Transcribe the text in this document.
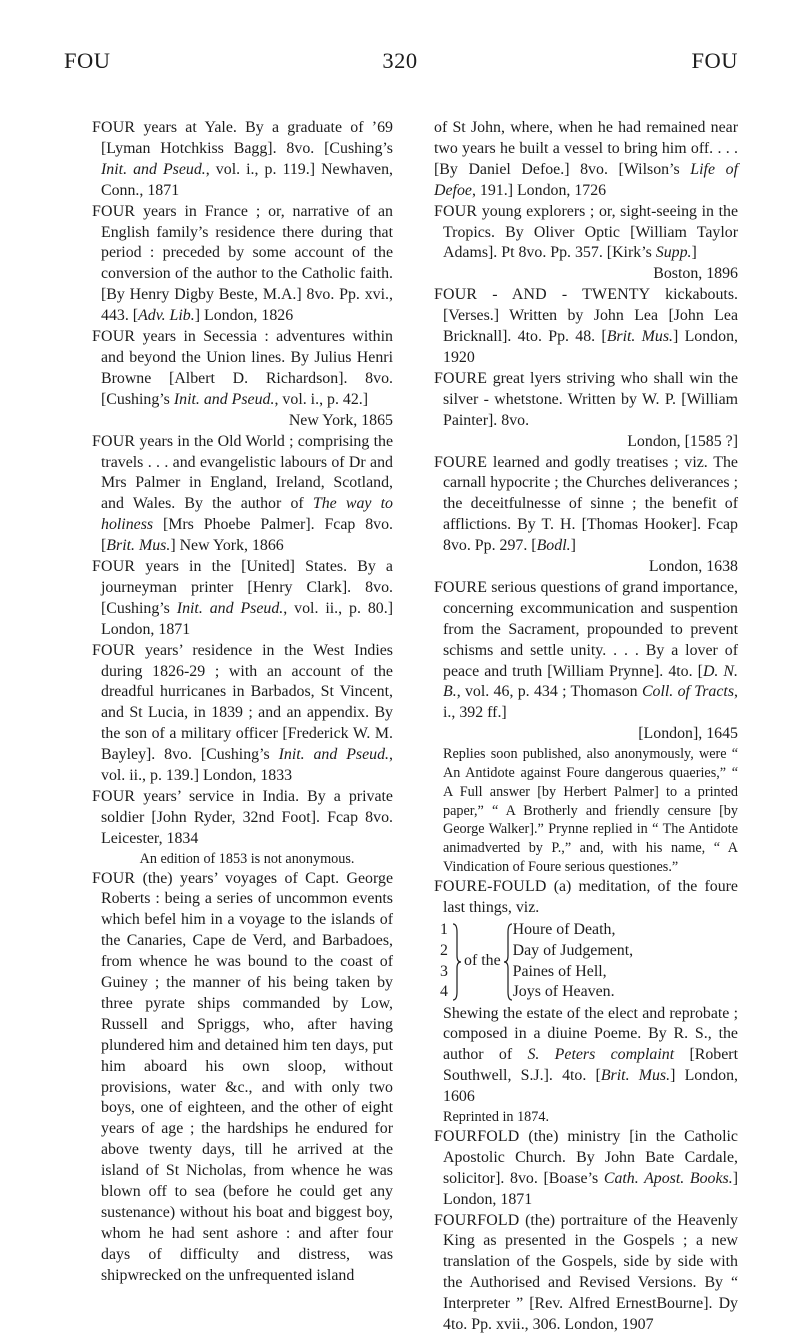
320
FOU	FOU

FOUR years at Yale. By a graduate of ’69 [Lyman Hotchkiss Bagg]. 8vo. [Cushing’s Init. and Pseud., vol. i., p. 119.] Newhaven, Conn., 1871

FOUR years in France ; or, narrative of an English family’s residence there during that period : preceded by some account of the conversion of the author to the Catholic faith. [By Henry Digby Beste, M.A.] 8vo. Pp. xvi., 443. [Adv. Lib.] London, 1826

FOUR years in Secessia : adventures within and beyond the Union lines. By Julius Henri Browne [Albert D. Richardson]. 8vo. [Cushing’s Init. and Pseud., vol. i., p. 42.]
New York, 1865

FOUR years in the Old World ; comprising the travels . . . and evangelistic labours of Dr and Mrs Palmer in England, Ireland, Scotland, and Wales. By the author of The way to holiness [Mrs Phoebe Palmer]. Fcap 8vo. [Brit. Mus.] New York, 1866

FOUR years in the [United] States. By a journeyman printer [Henry Clark]. 8vo. [Cushing’s Init. and Pseud., vol. ii., p. 80.] London, 1871

FOUR years’ residence in the West Indies during 1826-29 ; with an account of the dreadful hurricanes in Barbados, St Vincent, and St Lucia, in 1839 ; and an appendix. By the son of a military officer [Frederick W. M. Bayley]. 8vo. [Cushing’s Init. and Pseud., vol. ii., p. 139.] London, 1833

FOUR years’ service in India. By a private soldier [John Ryder, 32nd Foot]. Fcap 8vo. Leicester, 1834

An edition of 1853 is not anonymous.

FOUR (the) years’ voyages of Capt. George Roberts : being a series of uncommon events which befel him in a voyage to the islands of the Canaries, Cape de Verd, and Barbadoes, from whence he was bound to the coast of Guiney ; the manner of his being taken by three pyrate ships commanded by Low, Russell and Spriggs, who, after having plundered him and detained him ten days, put him aboard his own sloop, without provisions, water &c., and with only two boys, one of eighteen, and the other of eight years of age ; the hardships he endured for above twenty days, till he arrived at the island of St Nicholas, from whence he was blown off to sea (before he could get any sustenance) without his boat and biggest boy, whom he had sent ashore : and after four days of difficulty and distress, was shipwrecked on the unfrequented island

of St John, where, when he had remained near two years he built a vessel to bring him off. . . . [By Daniel Defoe.] 8vo. [Wilson’s Life of Defoe, 191.] London, 1726

FOUR young explorers ; or, sight-seeing in the Tropics. By Oliver Optic [William Taylor Adams]. Pt 8vo. Pp. 357. [Kirk’s Supp.]
Boston, 1896

FOUR - AND - TWENTY kickabouts. [Verses.] Written by John Lea [John Lea Bricknall]. 4to. Pp. 48. [Brit. Mus.] London, 1920

FOURE great lyers striving who shall win the silver - whetstone. Written by W. P. [William Painter]. 8vo.
London, [1585 ?]

FOURE learned and godly treatises ; viz. The carnall hypocrite ; the Churches deliverances ; the deceitfulnesse of sinne ; the benefit of afflictions. By T. H. [Thomas Hooker]. Fcap 8vo. Pp. 297. [Bodl.]
London, 1638

FOURE serious questions of grand importance, concerning excommunication and suspention from the Sacrament, propounded to prevent schisms and settle unity. . . . By a lover of peace and truth [William Prynne]. 4to. [D. N. B., vol. 46, p. 434 ; Thomason Coll. of Tracts, i., 392 ff.]
[London], 1645

Replies soon published, also anonymously, were “ An Antidote against Foure dangerous quaeries,” “ A Full answer [by Herbert Palmer] to a printed paper,” “ A Brotherly and friendly censure [by George Walker].” Prynne replied in “ The Antidote animadverted by P.,” and, with his name, “ A Vindication of Foure serious questiones.”

FOURE-FOULD (a) meditation, of the foure last things, viz.

1
2
3
4
of the
Houre of Death,
Day of Judgement,
Paines of Hell,
Joys of Heaven.

Shewing the estate of the elect and reprobate ; composed in a diuine Poeme. By R. S., the author of S. Peters complaint [Robert Southwell, S.J.]. 4to. [Brit. Mus.] London, 1606

Reprinted in 1874.

FOURFOLD (the) ministry [in the Catholic Apostolic Church. By John Bate Cardale, solicitor]. 8vo. [Boase’s Cath. Apost. Books.] London, 1871

FOURFOLD (the) portraiture of the Heavenly King as presented in the Gospels ; a new translation of the Gospels, side by side with the Authorised and Revised Versions. By “ Interpreter ” [Rev. Alfred ErnestBourne]. Dy 4to. Pp. xvii., 306. London, 1907
